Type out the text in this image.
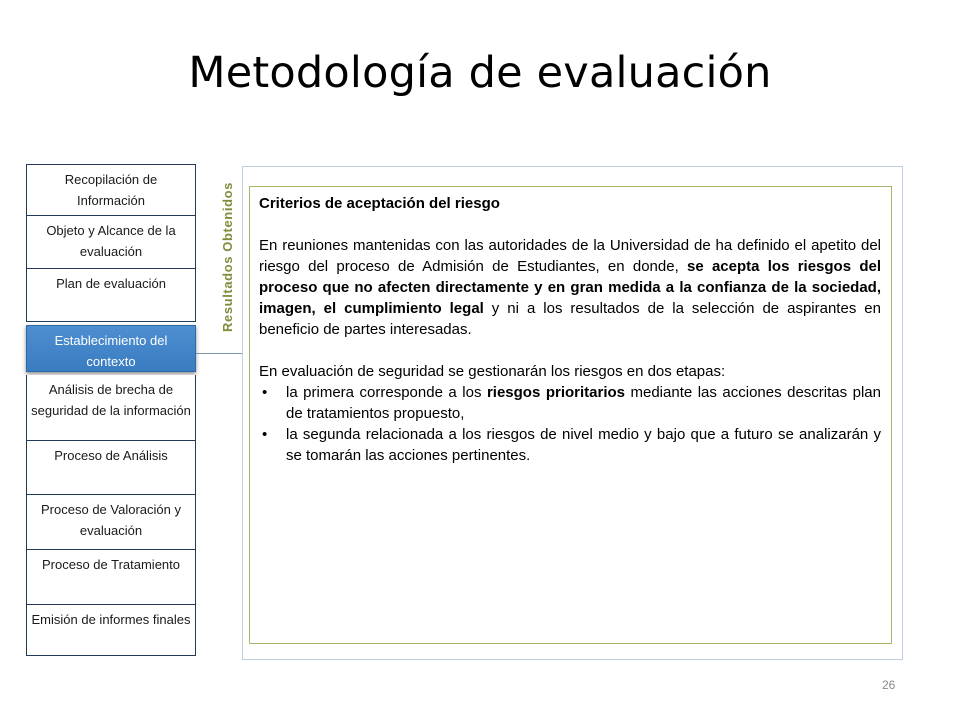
Metodología de evaluación
Recopilación de Información
Objeto y Alcance de la evaluación
Plan de evaluación
Establecimiento del contexto
Análisis de brecha de seguridad de la información
Proceso de Análisis
Proceso de Valoración y evaluación
Proceso de Tratamiento
Emisión de informes finales
Resultados Obtenidos Criterios de aceptación del riesgo

En reuniones mantenidas con las autoridades de la Universidad de ha definido el apetito del riesgo del proceso de Admisión de Estudiantes, en donde, se acepta los riesgos del proceso que no afecten directamente y en gran medida a la confianza de la sociedad, imagen, el cumplimiento legal y ni a los resultados de la selección de aspirantes en beneficio de partes interesadas.

En evaluación de seguridad se gestionarán los riesgos en dos etapas:

• la primera corresponde a los riesgos prioritarios mediante las acciones descritas plan de tratamientos propuesto,
• la segunda relacionada a los riesgos de nivel medio y bajo que a futuro se analizarán y se tomarán las acciones pertinentes.
26
